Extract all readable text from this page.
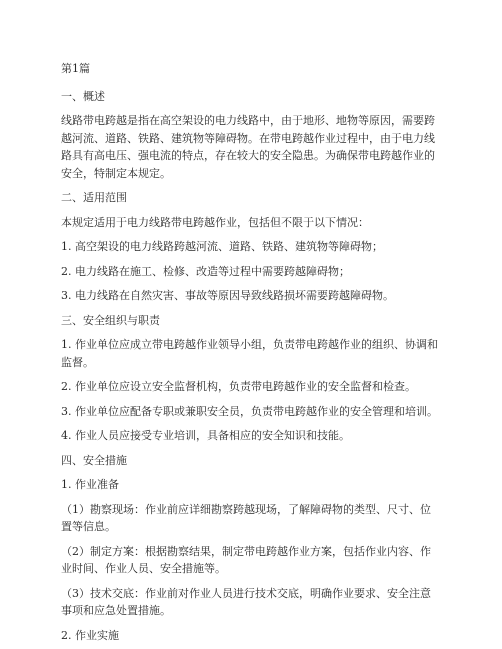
第1篇

一、概述

线路带电跨越是指在高空架设的电力线路中，由于地形、地物等原因，需要跨越河流、道路、铁路、建筑物等障碍物。在带电跨越作业过程中，由于电力线路具有高电压、强电流的特点，存在较大的安全隐患。为确保带电跨越作业的安全，特制定本规定。

二、适用范围

本规定适用于电力线路带电跨越作业，包括但不限于以下情况：

1. 高空架设的电力线路跨越河流、道路、铁路、建筑物等障碍物；

2. 电力线路在施工、检修、改造等过程中需要跨越障碍物；

3. 电力线路在自然灾害、事故等原因导致线路损坏需要跨越障碍物。

三、安全组织与职责

1. 作业单位应成立带电跨越作业领导小组，负责带电跨越作业的组织、协调和监督。

2. 作业单位应设立安全监督机构，负责带电跨越作业的安全监督和检查。

3. 作业单位应配备专职或兼职安全员，负责带电跨越作业的安全管理和培训。

4. 作业人员应接受专业培训，具备相应的安全知识和技能。

四、安全措施

1. 作业准备

（1）勘察现场：作业前应详细勘察跨越现场，了解障碍物的类型、尺寸、位置等信息。

（2）制定方案：根据勘察结果，制定带电跨越作业方案，包括作业内容、作业时间、作业人员、安全措施等。

（3）技术交底：作业前对作业人员进行技术交底，明确作业要求、安全注意事项和应急处置措施。

2. 作业实施
